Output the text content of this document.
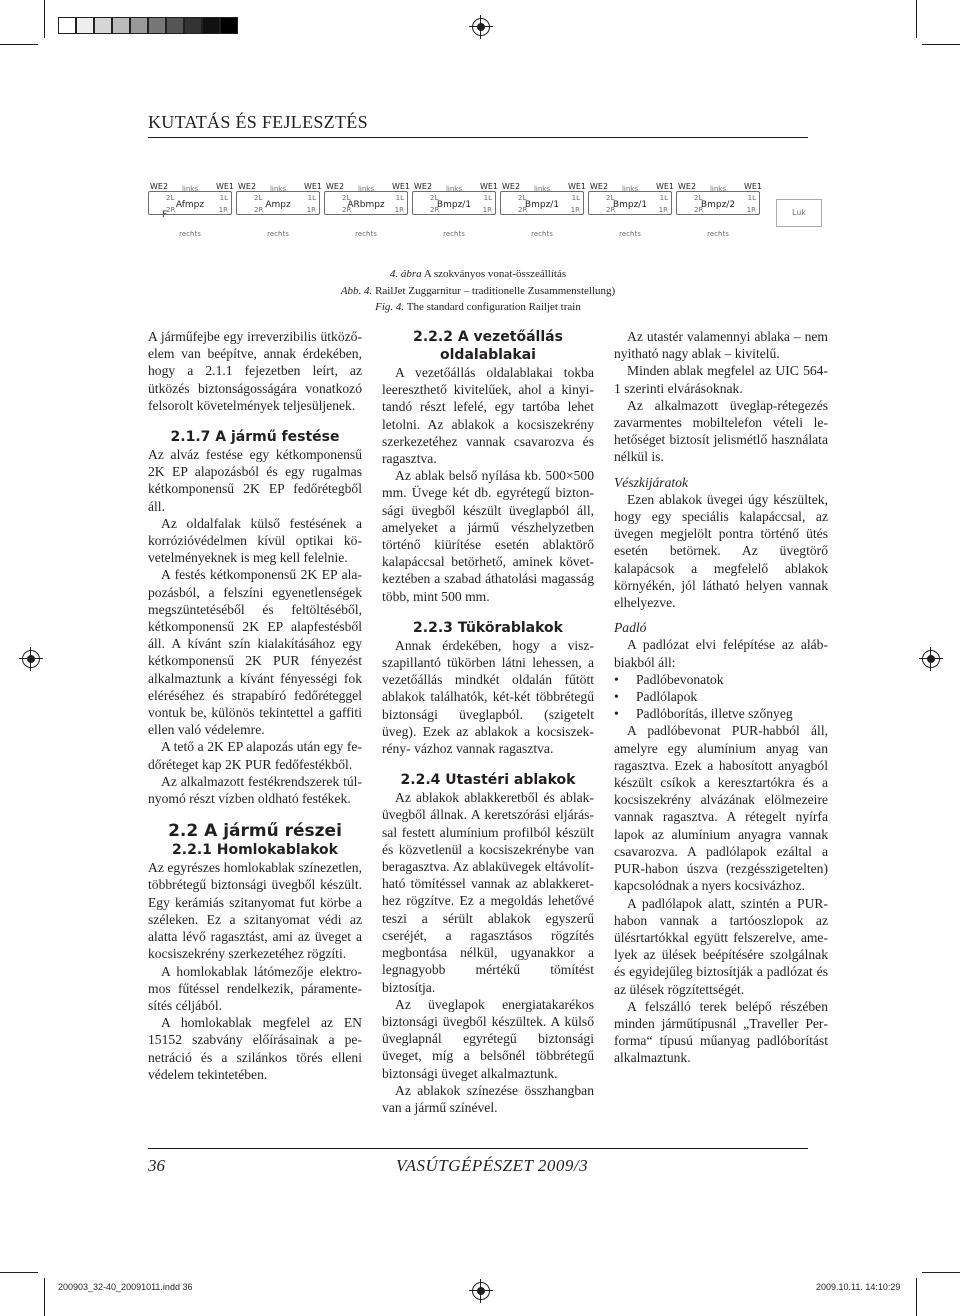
KUTATÁS ÉS FEJLESZTÉS
F	Luk
WE2	WE1
links
2L
2R
1L
1R
Afmpz
rechts
WE2	WE1
links
2L
2R
1L
1R
Ampz
rechts
WE2	WE1
links
2L
2R
1L
1R
ARbmpz
rechts
WE2	WE1
links
2L
2R
1L
1R
Bmpz/1
rechts
WE2	WE1
links
2L
2R
1L
1R
Bmpz/1
rechts
WE2	WE1
links
2L
2R
1L
1R
Bmpz/1
rechts
WE2	WE1
links
2L
2R
1L
1R
Bmpz/2
rechts
4. ábra A szokványos vonat-összeállítás
Abb. 4. RailJet Zuggarnitur – traditionelle Zusammenstellung)
Fig. 4. The standard configuration Railjet train

A járműfejbe egy irreverzibilis ütközőelem van beépítve, annak érdekében, hogy a 2.1.1 fejezetben leírt, az ütközés biztonságosságára vonatkozó felsorolt követelmények teljesüljenek.

2.1.7 A jármű festése

Az alváz festése egy kétkomponensű 2K EP alapozásból és egy rugalmas kétkomponensű 2K EP fedőrétegből áll.

Az oldalfalak külső festésének a korrózióvédelmen kívül optikai követelményeknek is meg kell felelnie.

A festés kétkomponensű 2K EP alapozásból, a felszíni egyenetlenségek megszüntetéséből és feltöltéséből, kétkomponensű 2K EP alapfestésből áll. A kívánt szín kialakításához egy kétkomponensű 2K PUR fényezést alkalmaztunk a kívánt fényességi fok eléréséhez és strapabíró fedőréteggel vontuk be, különös tekintettel a gaffiti ellen való védelemre.

A tető a 2K EP alapozás után egy fedőréteget kap 2K PUR fedőfestékből.

Az alkalmazott festékrendszerek túlnyomó részt vízben oldható festékek.

2.2 A jármű részei
2.2.1 Homlokablakok

Az egyrészes homlokablak színezetlen, többrétegű biztonsági üvegből készült. Egy kerámiás szitanyomat fut körbe a széleken. Ez a szitanyomat védi az alatta lévő ragasztást, ami az üveget a kocsiszekrény szerkezetéhez rögzíti.

A homlokablak látómezője elektromos fűtéssel rendelkezik, páramentesítés céljából.

A homlokablak megfelel az EN 15152 szabvány előírásainak a penetráció és a szilánkos törés elleni védelem tekintetében.

2.2.2 A vezetőállás
oldalablakai

A vezetőállás oldalablakai tokba leereszthető kivitelűek, ahol a kinyitandó részt lefelé, egy tartóba lehet letolni. Az ablakok a kocsiszekrény szerkezetéhez vannak csavarozva és ragasztva.

Az ablak belső nyílása kb. 500×500 mm. Üvege két db. egyrétegű biztonsági üvegből készült üveglapból áll, amelyeket a jármű vészhelyzetben történő kiürítése esetén ablaktörő kalapáccsal betörhető, aminek következtében a szabad áthatolási magasság több, mint 500 mm.

2.2.3 Tükörablakok

Annak érdekében, hogy a viszszapillantó tükörben látni lehessen, a vezetőállás mindkét oldalán fűtött ablakok találhatók, két-két többrétegű biztonsági üveglapból. (szigetelt üveg). Ezek az ablakok a kocsiszekrény- vázhoz vannak ragasztva.

2.2.4 Utastéri ablakok

Az ablakok ablakkeretből és ablaküvegből állnak. A keretszórási eljárással festett alumínium profilból készült és közvetlenül a kocsiszekrénybe van beragasztva. Az ablaküvegek eltávolítható tömítéssel vannak az ablakkerethez rögzítve. Ez a megoldás lehetővé teszi a sérült ablakok egyszerű cseréjét, a ragasztásos rögzítés megbontása nélkül, ugyanakkor a legnagyobb mértékű tömítést biztosítja.

Az üveglapok energiatakarékos biztonsági üvegből készültek. A külső üveglapnál egyrétegű biztonsági üveget, míg a belsőnél többrétegű biztonsági üveget alkalmaztunk.

Az ablakok színezése összhangban van a jármű színével.

Az utastér valamennyi ablaka – nem nyitható nagy ablak – kivitelű.

Minden ablak megfelel az UIC 564-1 szerinti elvárásoknak.

Az alkalmazott üveglap-rétegezés zavarmentes mobiltelefon vételi lehetőséget biztosít jelismétlő használata nélkül is.

Vészkijáratok

Ezen ablakok üvegei úgy készültek, hogy egy speciális kalapáccsal, az üvegen megjelölt pontra történő ütés esetén betörnek. Az üvegtörő kalapácsok a megfelelő ablakok környékén, jól látható helyen vannak elhelyezve.

Padló

A padlózat elvi felépítése az alábbiakból áll:

• Padlóbevonatok
• Padlólapok
• Padlóborítás, illetve szőnyeg

A padlóbevonat PUR-habból áll, amelyre egy alumínium anyag van ragasztva. Ezek a habosított anyagból készült csíkok a keresztartókra és a kocsiszekrény alvázának elölmezeire vannak ragasztva. A rétegelt nyírfa lapok az alumínium anyagra vannak csavarozva. A padlólapok ezáltal a PUR-habon úszva (rezgésszigetelten) kapcsolódnak a nyers kocsivázhoz.

A padlólapok alatt, szintén a PUR-habon vannak a tartóoszlopok az ülésrtartókkal együtt felszerelve, amelyek az ülések beépítésére szolgálnak és egyidejűleg biztosítják a padlózat és az ülések rögzítettségét.

A felszálló terek belépő részében minden járműtípusnál „Traveller Performa“ típusú műanyag padlóborítást alkalmaztunk.

36	VASÚTGÉPÉSZET 2009/3
200903_32-40_20091011.indd 36	2009.10.11. 14:10:29
